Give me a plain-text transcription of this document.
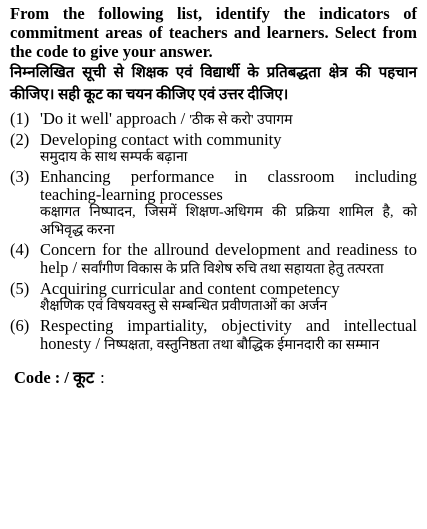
From the following list, identify the indicators of commitment areas of teachers and learners. Select from the code to give your answer.

निम्नलिखित सूची से शिक्षक एवं विद्यार्थी के प्रतिबद्धता क्षेत्र की पहचान कीजिए। सही कूट का चयन कीजिए एवं उत्तर दीजिए।

(1) 'Do it well' approach / 'ठीक से करो' उपागम
(2) Developing contact with community
समुदाय के साथ सम्पर्क बढ़ाना
(3) Enhancing performance in classroom including teaching-learning processes
कक्षागत निष्पादन, जिसमें शिक्षण-अधिगम की प्रक्रिया शामिल है, को अभिवृद्ध करना
(4) Concern for the allround development and readiness to help / सर्वांगीण विकास के प्रति विशेष रुचि तथा सहायता हेतु तत्परता
(5) Acquiring curricular and content competency
शैक्षणिक एवं विषयवस्तु से सम्बन्धित प्रवीणताओं का अर्जन
(6) Respecting impartiality, objectivity and intellectual honesty / निष्पक्षता, वस्तुनिष्ठता तथा बौद्धिक ईमानदारी का सम्मान
Code : / कूट :
